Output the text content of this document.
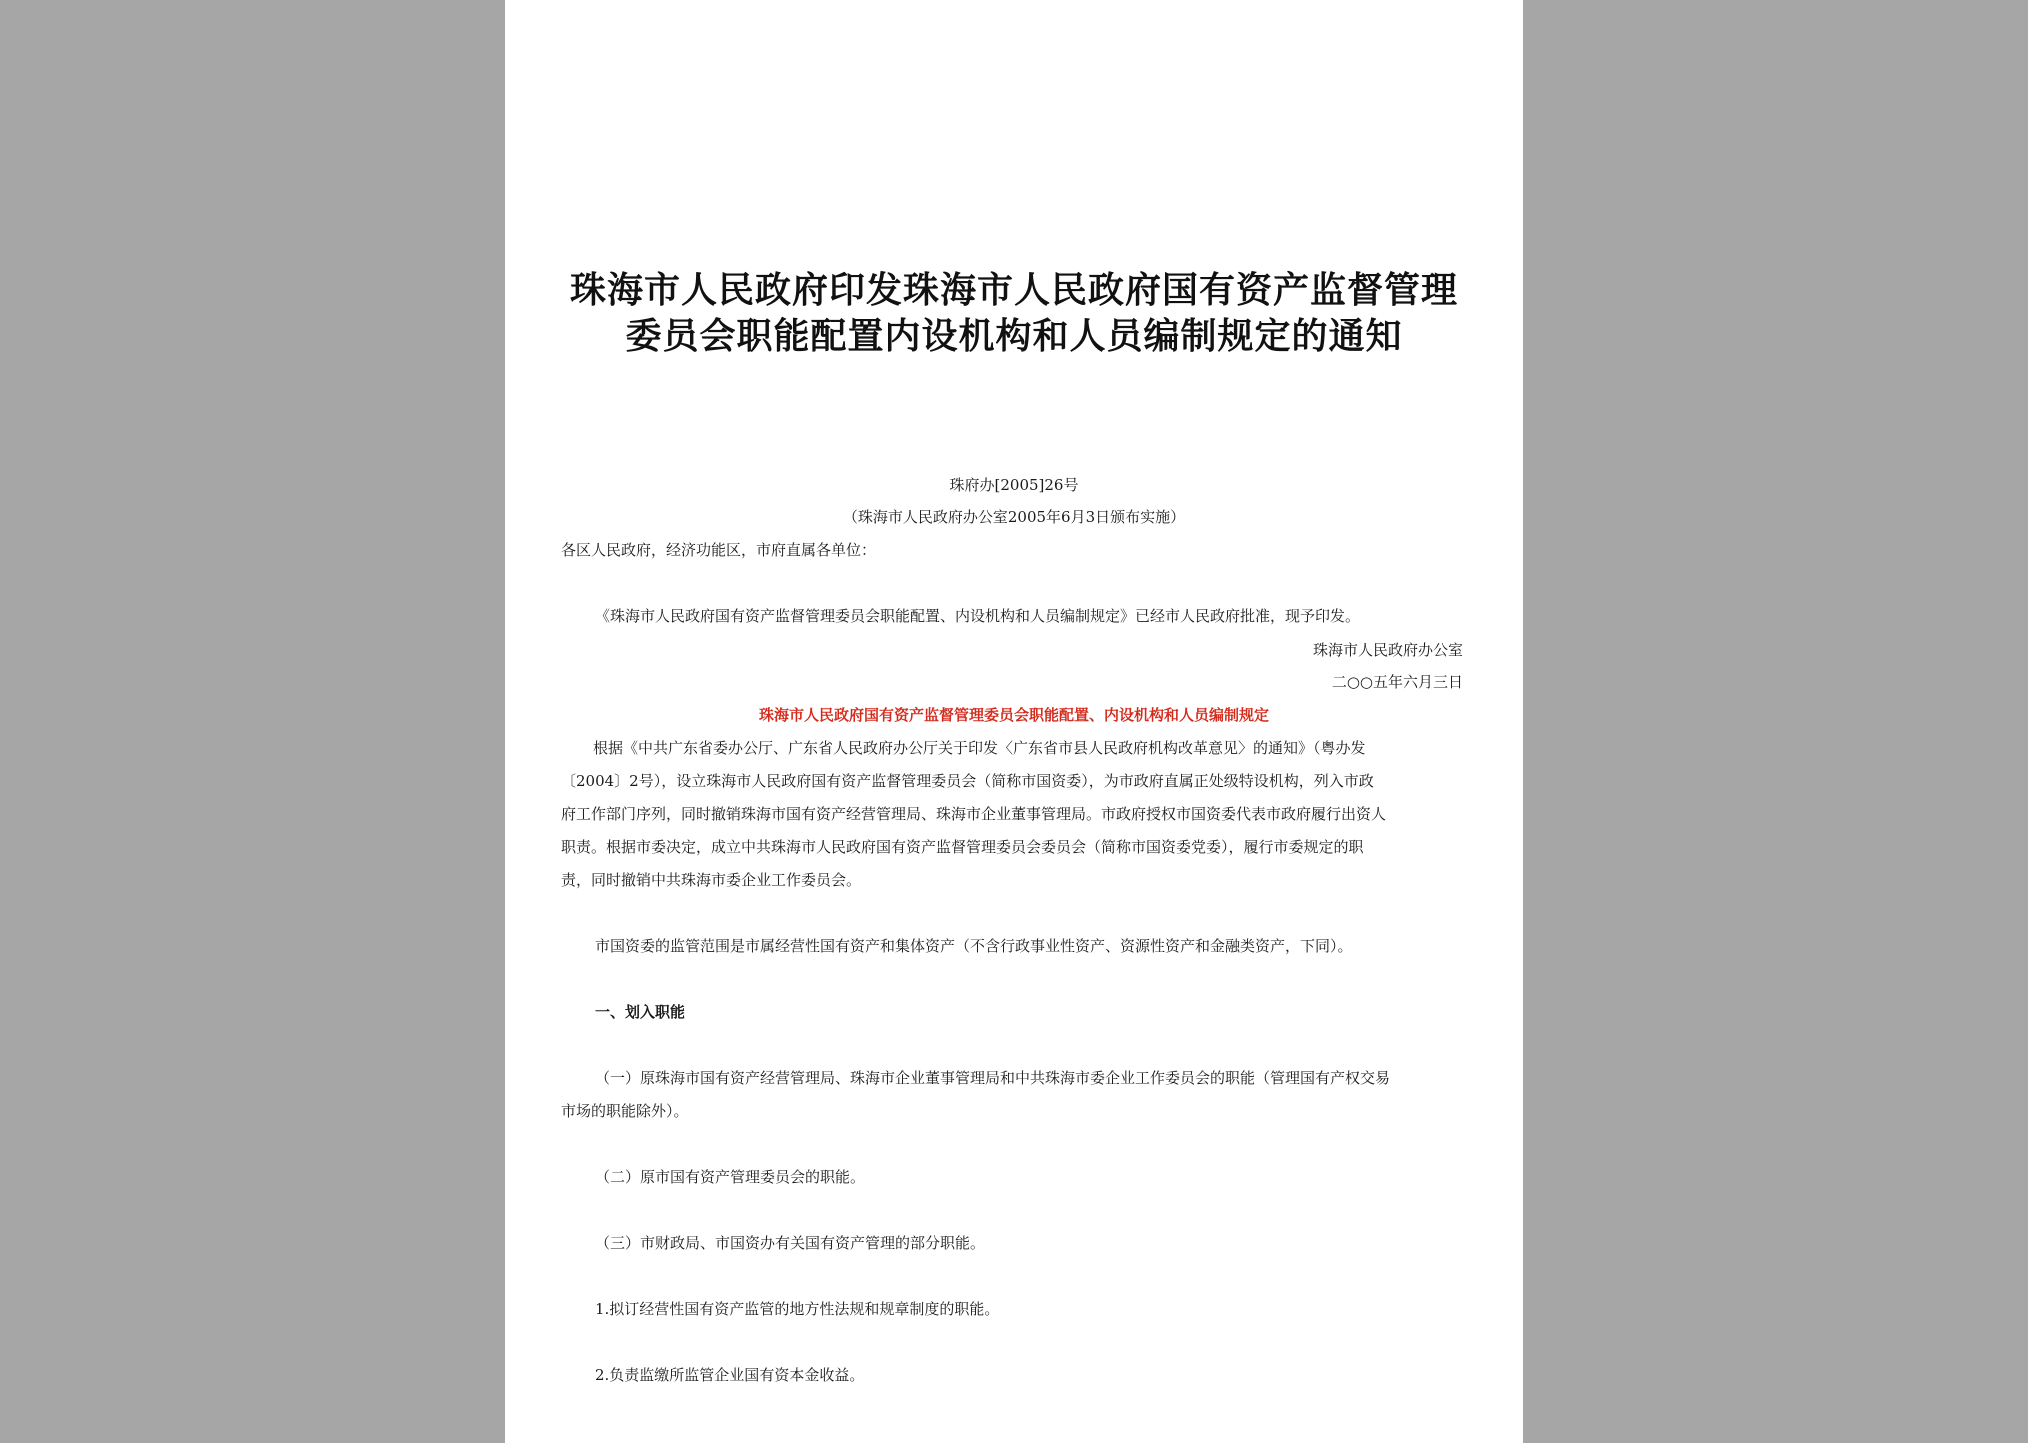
珠海市人民政府印发珠海市人民政府国有资产监督管理
委员会职能配置内设机构和人员编制规定的通知
珠府办[2005]26号
（珠海市人民政府办公室2005年6月3日颁布实施）
各区人民政府，经济功能区，市府直属各单位：
《珠海市人民政府国有资产监督管理委员会职能配置、内设机构和人员编制规定》已经市人民政府批准，现予印发。
珠海市人民政府办公室
二○○五年六月三日
珠海市人民政府国有资产监督管理委员会职能配置、内设机构和人员编制规定
根据《中共广东省委办公厅、广东省人民政府办公厅关于印发〈广东省市县人民政府机构改革意见〉的通知》（粤办发
〔2004〕2号），设立珠海市人民政府国有资产监督管理委员会（简称市国资委），为市政府直属正处级特设机构，列入市政
府工作部门序列，同时撤销珠海市国有资产经营管理局、珠海市企业董事管理局。市政府授权市国资委代表市政府履行出资人
职责。根据市委决定，成立中共珠海市人民政府国有资产监督管理委员会委员会（简称市国资委党委），履行市委规定的职
责，同时撤销中共珠海市委企业工作委员会。
市国资委的监管范围是市属经营性国有资产和集体资产（不含行政事业性资产、资源性资产和金融类资产，下同）。
一、划入职能
（一）原珠海市国有资产经营管理局、珠海市企业董事管理局和中共珠海市委企业工作委员会的职能（管理国有产权交易
市场的职能除外）。
（二）原市国有资产管理委员会的职能。
（三）市财政局、市国资办有关国有资产管理的部分职能。
1.拟订经营性国有资产监管的地方性法规和规章制度的职能。
2.负责监缴所监管企业国有资本金收益。
